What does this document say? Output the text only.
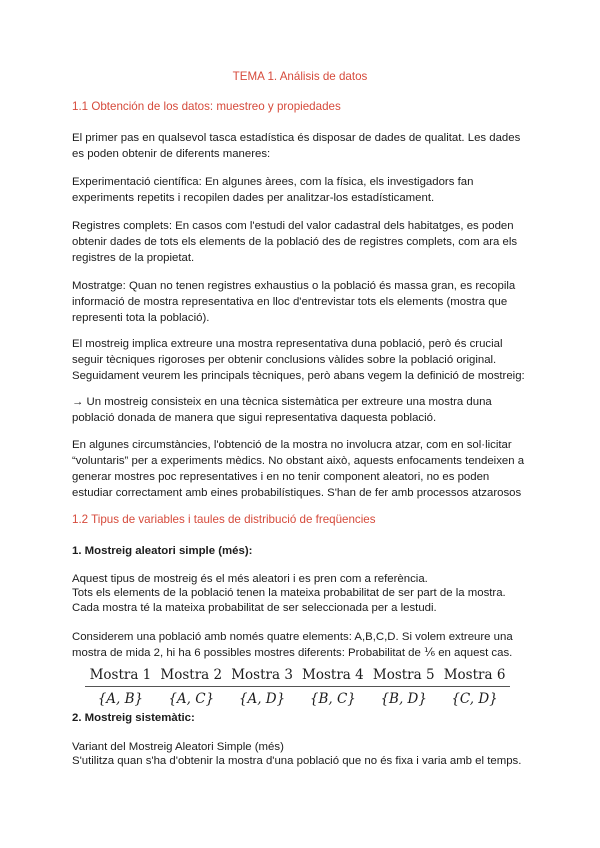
TEMA 1. Análisis de datos

1.1 Obtención de los datos: muestreo y propiedades

El primer pas en qualsevol tasca estadística és disposar de dades de qualitat. Les dades es poden obtenir de diferents maneres:

Experimentació científica: En algunes àrees, com la física, els investigadors fan experiments repetits i recopilen dades per analitzar-los estadísticament.

Registres complets: En casos com l'estudi del valor cadastral dels habitatges, es poden obtenir dades de tots els elements de la població des de registres complets, com ara els registres de la propietat.

Mostratge: Quan no tenen registres exhaustius o la població és massa gran, es recopila informació de mostra representativa en lloc d'entrevistar tots els elements (mostra que representi tota la població).

El mostreig implica extreure una mostra representativa duna població, però és crucial seguir tècniques rigoroses per obtenir conclusions vàlides sobre la població original. Seguidament veurem les principals tècniques, però abans vegem la definició de mostreig:

→ Un mostreig consisteix en una tècnica sistemàtica per extreure una mostra duna població donada de manera que sigui representativa daquesta població.

En algunes circumstàncies, l'obtenció de la mostra no involucra atzar, com en sol·licitar “voluntaris” per a experiments mèdics. No obstant això, aquests enfocaments tendeixen a generar mostres poc representatives i en no tenir component aleatori, no es poden estudiar correctament amb eines probabilístiques. S'han de fer amb processos atzarosos

1.2 Tipus de variables i taules de distribució de freqüencies

1. Mostreig aleatori simple (més):

Aquest tipus de mostreig és el més aleatori i es pren com a referència.

Tots els elements de la població tenen la mateixa probabilitat de ser part de la mostra.

Cada mostra té la mateixa probabilitat de ser seleccionada per a lestudi.

Considerem una població amb només quatre elements: A,B,C,D. Si volem extreure una mostra de mida 2, hi ha 6 possibles mostres diferents: Probabilitat de ⅙ en aquest cas.

Mostra 1	Mostra 2	Mostra 3	Mostra 4	Mostra 5	Mostra 6
{A, B}	{A, C}	{A, D}	{B, C}	{B, D}	{C, D}

2. Mostreig sistemàtic:

Variant del Mostreig Aleatori Simple (més)

S'utilitza quan s'ha d'obtenir la mostra d'una població que no és fixa i varia amb el temps.
